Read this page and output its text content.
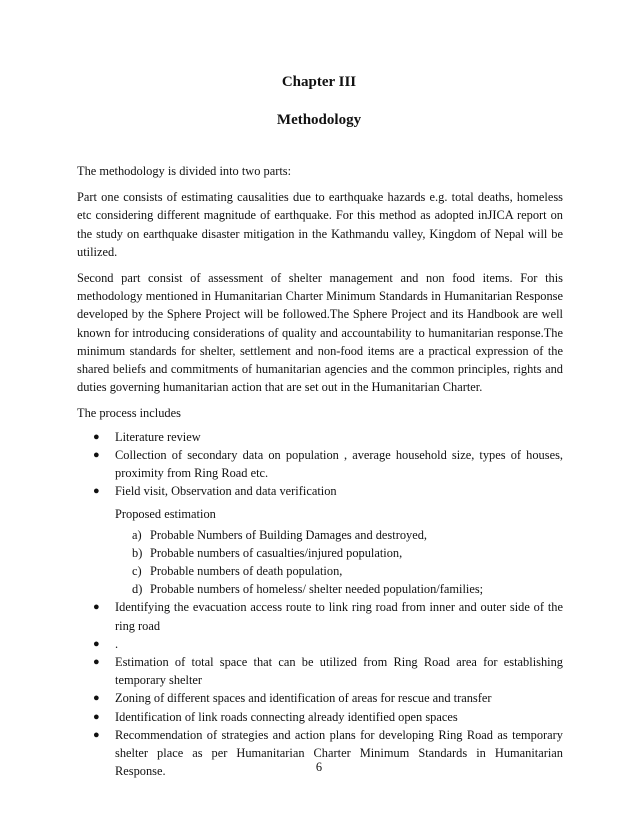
Chapter III
Methodology

The methodology is divided into two parts:

Part one consists of estimating causalities due to earthquake hazards e.g. total deaths, homeless etc considering different magnitude of earthquake. For this method as adopted inJICA report on the study on earthquake disaster mitigation in the Kathmandu valley, Kingdom of Nepal will be utilized.

Second part consist of assessment of shelter management and non food items. For this methodology mentioned in Humanitarian Charter Minimum Standards in Humanitarian Response developed by the Sphere Project will be followed.The Sphere Project and its Handbook are well known for introducing considerations of quality and accountability to humanitarian response.The minimum standards for shelter, settlement and non-food items are a practical expression of the shared beliefs and commitments of humanitarian agencies and the common principles, rights and duties governing humanitarian action that are set out in the Humanitarian Charter.

The process includes

● Literature review
● Collection of secondary data on population , average household size, types of houses, proximity from Ring Road etc.
● Field visit, Observation and data verification
Proposed estimation
a) Probable Numbers of Building Damages and destroyed,
b) Probable numbers of casualties/injured population,
c) Probable numbers of death population,
d) Probable numbers of homeless/ shelter needed population/families;
● Identifying the evacuation access route to link ring road from inner and outer side of the ring road
● .
● Estimation of total space that can be utilized from Ring Road area for establishing temporary shelter
● Zoning of different spaces and identification of areas for rescue and transfer
● Identification of link roads connecting already identified open spaces
● Recommendation of strategies and action plans for developing Ring Road as temporary shelter place as per Humanitarian Charter Minimum Standards in Humanitarian Response.	6
